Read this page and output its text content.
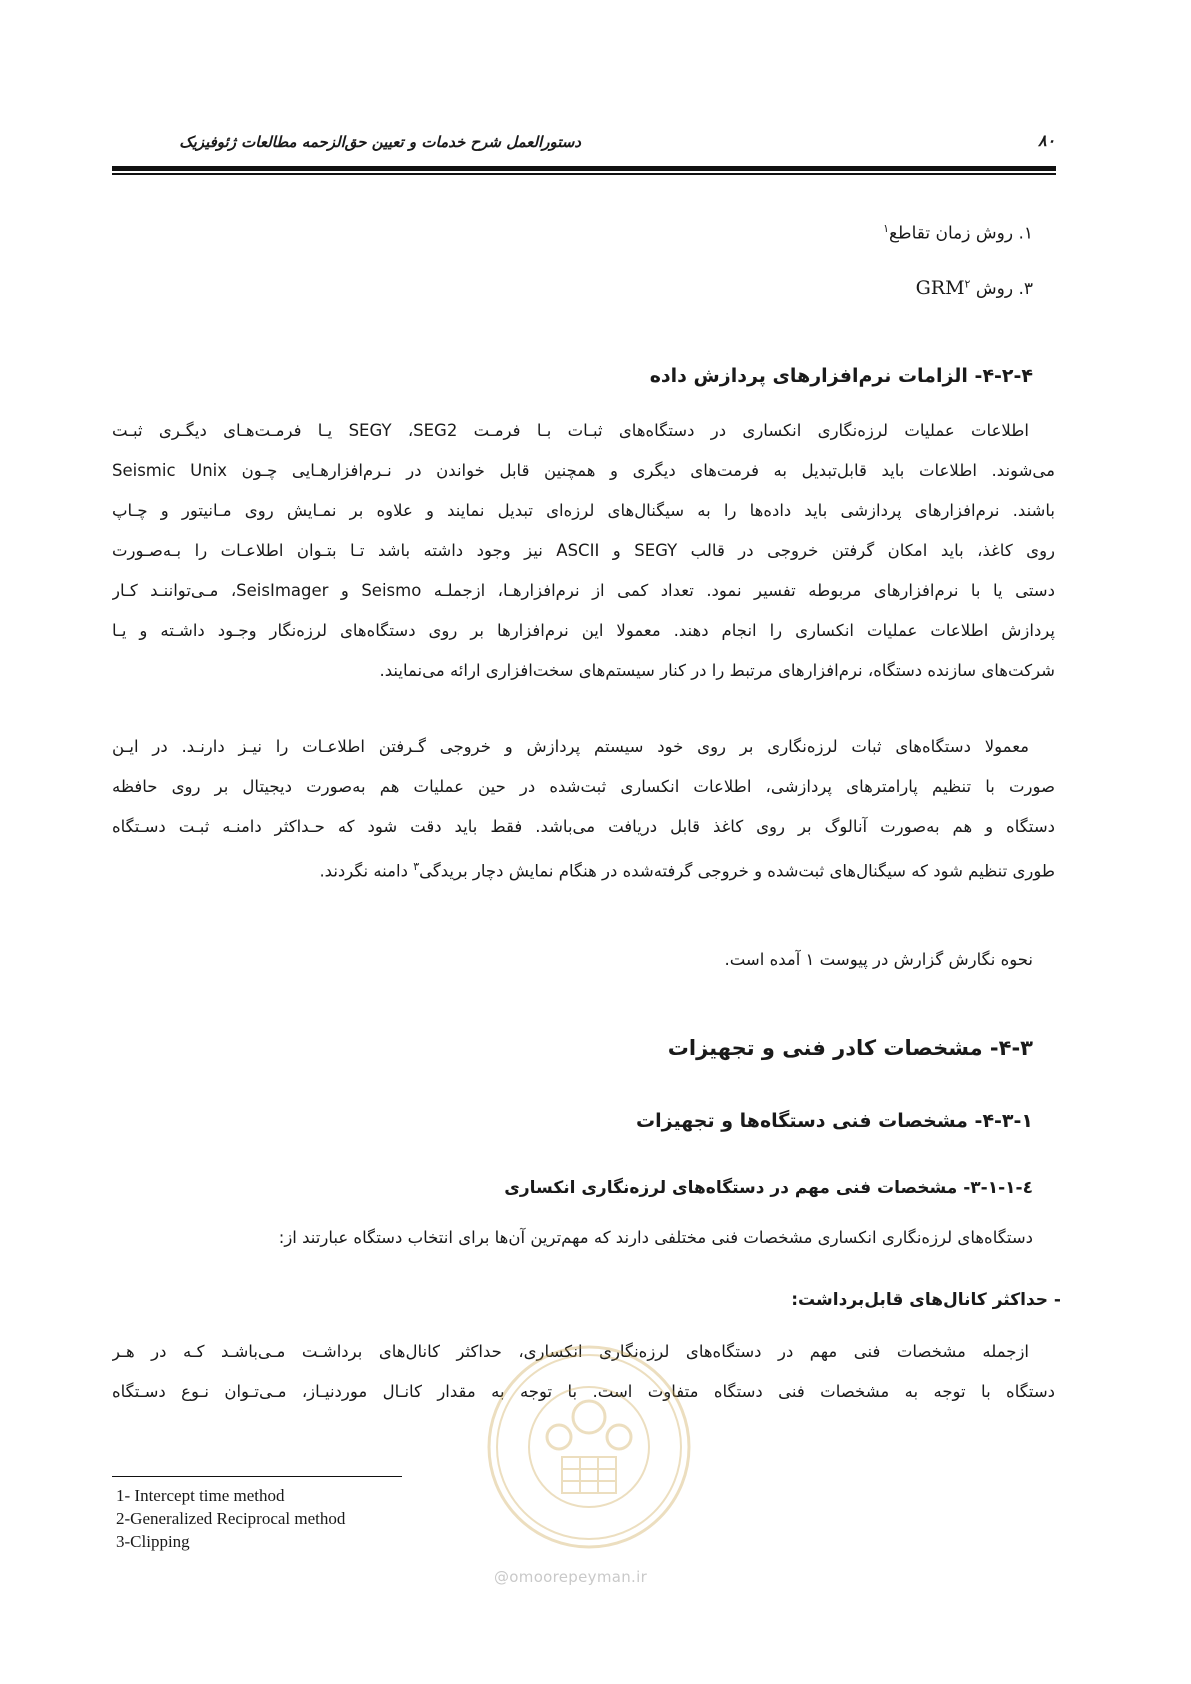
دستورالعمل شرح خدمات و تعیین حق‌الزحمه مطالعات ژئوفیزیک	۸۰
۱. روش زمان تقاطع$^۱$
۳. روش GRM$^۲$
۴-۲-۴- الزامات نرم‌افزارهای پردازش داده
اطلاعات عملیات لرزه‌نگاری انکساری در دستگاه‌های ثبـات بـا فرمـت SEGY ،SEG2 یـا فرمـت‌هـای دیگـری ثبـت
می‌شوند. اطلاعات باید قابل‌تبدیل به فرمت‌های دیگری و همچنین قابل خواندن در نـرم‌افزارهـایی چـون Seismic Unix
باشند. نرم‌افزارهای پردازشی باید داده‌ها را به سیگنال‌های لرزه‌ای تبدیل نمایند و علاوه بر نمـایش روی مـانیتور و چـاپ
روی کاغذ، باید امکان گرفتن خروجی در قالب SEGY و ASCII نیز وجود داشته باشد تـا بتـوان اطلاعـات را بـه‌صـورت
دستی یا با نرم‌افزارهای مربوطه تفسیر نمود. تعداد کمی از نرم‌افزارهـا، ازجملـه Seismo و SeisImager، مـی‌تواننـد کـار
پردازش اطلاعات عملیات انکساری را انجام دهند. معمولا این نرم‌افزارها بر روی دستگاه‌های لرزه‌نگار وجـود داشـته و یـا
شرکت‌های سازنده دستگاه، نرم‌افزارهای مرتبط را در کنار سیستم‌های سخت‌افزاری ارائه می‌نمایند.
معمولا دستگاه‌های ثبات لرزه‌نگاری بر روی خود سیستم پردازش و خروجی گـرفتن اطلاعـات را نیـز دارنـد. در ایـن
صورت با تنظیم پارامترهای پردازشی، اطلاعات انکساری ثبت‌شده در حین عملیات هم به‌صورت دیجیتال بر روی حافظه
دستگاه و هم به‌صورت آنالوگ بر روی کاغذ قابل دریافت می‌باشد. فقط باید دقت شود که حـداکثر دامنـه ثبـت دسـتگاه
طوری تنظیم شود که سیگنال‌های ثبت‌شده و خروجی گرفته‌شده در هنگام نمایش دچار بریدگی$^۳$ دامنه نگردند.
نحوه نگارش گزارش در پیوست ۱ آمده است.
۴-۳- مشخصات کادر فنی و تجهیزات
۴-۳-۱- مشخصات فنی دستگاه‌ها و تجهیزات
٤-۳-۱-۱- مشخصات فنی مهم در دستگاه‌های لرزه‌نگاری انکساری
دستگاه‌های لرزه‌نگاری انکساری مشخصات فنی مختلفی دارند که مهم‌ترین آن‌ها برای انتخاب دستگاه عبارتند از:
- حداکثر کانال‌های قابل‌برداشت:
ازجمله مشخصات فنی مهم در دستگاه‌های لرزه‌نگاری انکساری، حداکثر کانال‌های برداشـت مـی‌باشـد کـه در هـر
دستگاه با توجه به مشخصات فنی دستگاه متفاوت است. با توجه به مقدار کانـال موردنیـاز، مـی‌تـوان نـوع دسـتگاه
@omoorepeyman.ir
1- Intercept time method
2-Generalized Reciprocal method
3-Clipping
